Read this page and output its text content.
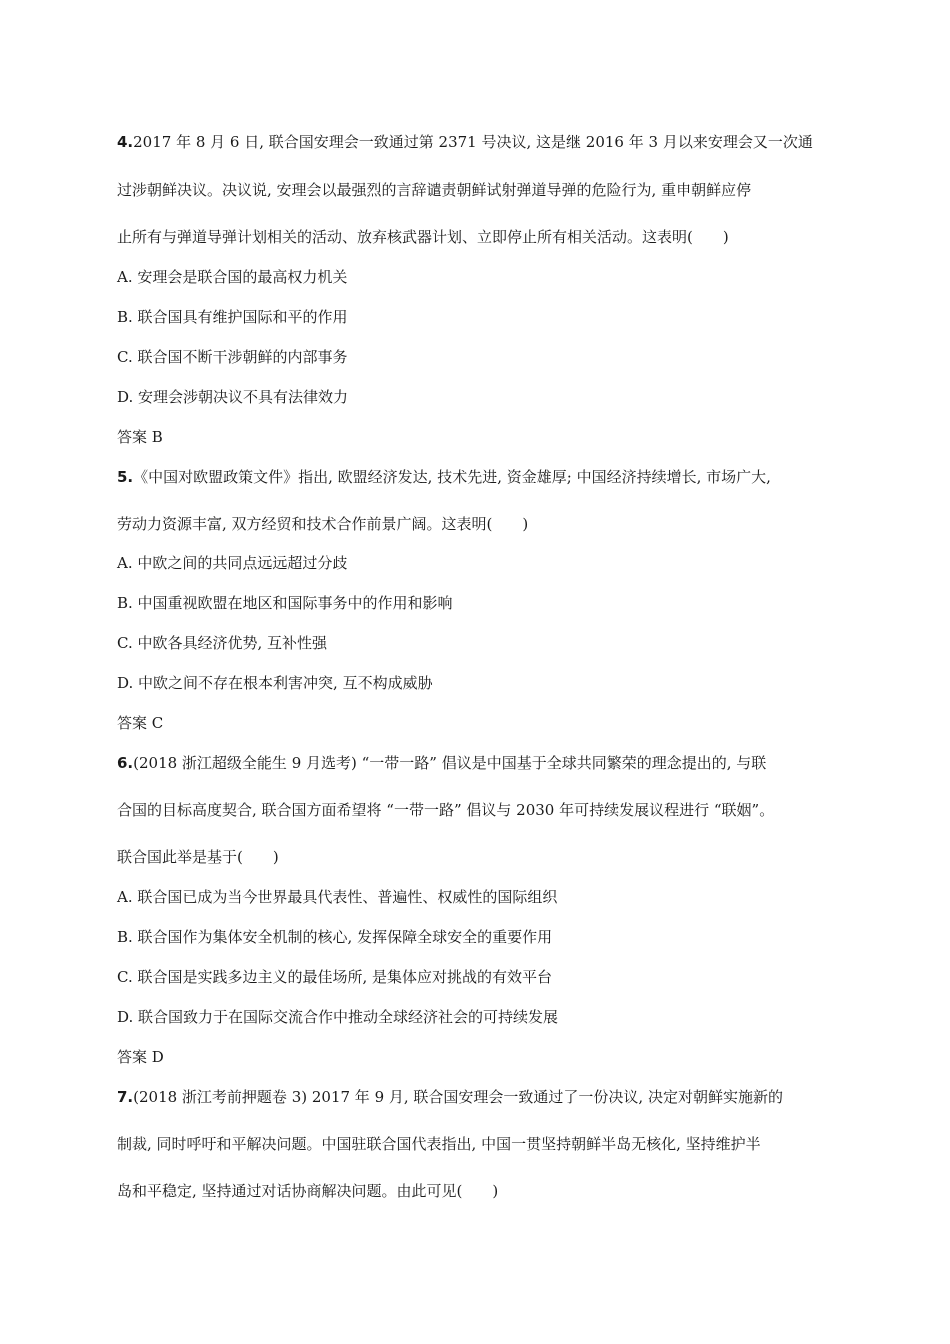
4.2017 年 8 月 6 日, 联合国安理会一致通过第 2371 号决议, 这是继 2016 年 3 月以来安理会又一次通
过涉朝鲜决议。决议说, 安理会以最强烈的言辞谴责朝鲜试射弹道导弹的危险行为, 重申朝鲜应停
止所有与弹道导弹计划相关的活动、放弃核武器计划、立即停止所有相关活动。这表明(　　)
A. 安理会是联合国的最高权力机关
B. 联合国具有维护国际和平的作用
C. 联合国不断干涉朝鲜的内部事务
D. 安理会涉朝决议不具有法律效力
答案 B
5.《中国对欧盟政策文件》指出, 欧盟经济发达, 技术先进, 资金雄厚; 中国经济持续增长, 市场广大,
劳动力资源丰富, 双方经贸和技术合作前景广阔。这表明(　　)
A. 中欧之间的共同点远远超过分歧
B. 中国重视欧盟在地区和国际事务中的作用和影响
C. 中欧各具经济优势, 互补性强
D. 中欧之间不存在根本利害冲突, 互不构成威胁
答案 C
6.(2018 浙江超级全能生 9 月选考) “一带一路” 倡议是中国基于全球共同繁荣的理念提出的, 与联
合国的目标高度契合, 联合国方面希望将 “一带一路” 倡议与 2030 年可持续发展议程进行 “联姻”。
联合国此举是基于(　　)
A. 联合国已成为当今世界最具代表性、普遍性、权威性的国际组织
B. 联合国作为集体安全机制的核心, 发挥保障全球安全的重要作用
C. 联合国是实践多边主义的最佳场所, 是集体应对挑战的有效平台
D. 联合国致力于在国际交流合作中推动全球经济社会的可持续发展
答案 D
7.(2018 浙江考前押题卷 3) 2017 年 9 月, 联合国安理会一致通过了一份决议, 决定对朝鲜实施新的
制裁, 同时呼吁和平解决问题。中国驻联合国代表指出, 中国一贯坚持朝鲜半岛无核化, 坚持维护半
岛和平稳定, 坚持通过对话协商解决问题。由此可见(　　)
